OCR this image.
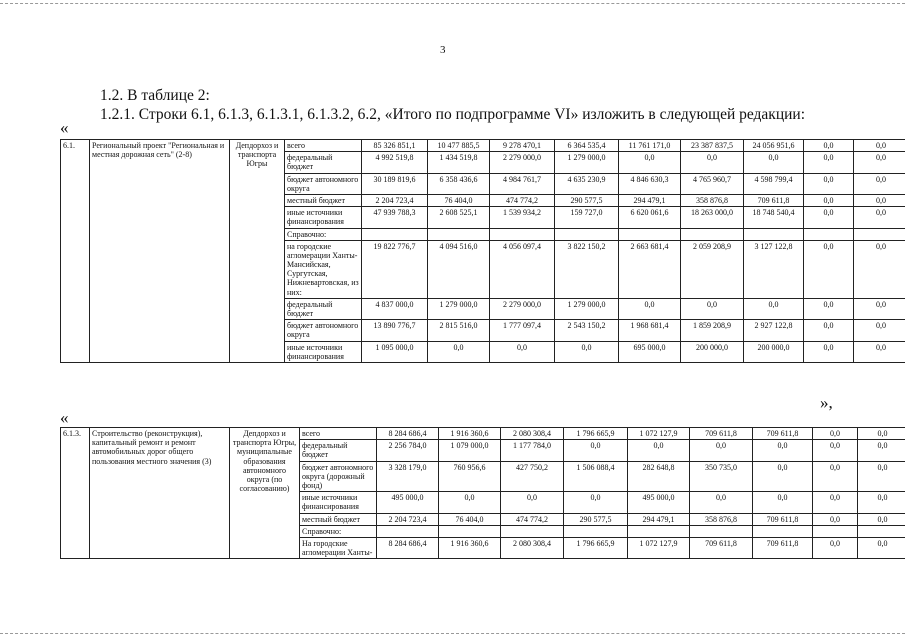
3
1.2. В таблице 2:
1.2.1. Строки 6.1, 6.1.3, 6.1.3.1, 6.1.3.2, 6.2, «Итого по подпрограмме VI» изложить в следующей редакции:
«
6.1.	Региональный проект "Региональная и местная дорожная сеть" (2-8)	Депдорхоз и транспорта Югры	всего	85 326 851,1	10 477 885,5	9 278 470,1	6 364 535,4	11 761 171,0	23 387 837,5	24 056 951,6	0,0	0,0
			федеральный бюджет	4 992 519,8	1 434 519,8	2 279 000,0	1 279 000,0	0,0	0,0	0,0	0,0	0,0
			бюджет автономного округа	30 189 819,6	6 358 436,6	4 984 761,7	4 635 230,9	4 846 630,3	4 765 960,7	4 598 799,4	0,0	0,0
			местный бюджет	2 204 723,4	76 404,0	474 774,2	290 577,5	294 479,1	358 876,8	709 611,8	0,0	0,0
			иные источники финансирования	47 939 788,3	2 608 525,1	1 539 934,2	159 727,0	6 620 061,6	18 263 000,0	18 748 540,4	0,0	0,0
			Справочно:									
			на городские агломерации Ханты-Мансийская, Сургутская, Нижневартовская, из них:	19 822 776,7	4 094 516,0	4 056 097,4	3 822 150,2	2 663 681,4	2 059 208,9	3 127 122,8	0,0	0,0
			федеральный бюджет	4 837 000,0	1 279 000,0	2 279 000,0	1 279 000,0	0,0	0,0	0,0	0,0	0,0
			бюджет автономного округа	13 890 776,7	2 815 516,0	1 777 097,4	2 543 150,2	1 968 681,4	1 859 208,9	2 927 122,8	0,0	0,0
			иные источники финансирования	1 095 000,0	0,0	0,0	0,0	695 000,0	200 000,0	200 000,0	0,0	0,0
»,
«
6.1.3.	Строительство (реконструкция), капитальный ремонт и ремонт автомобильных дорог общего пользования местного значения (3)	Депдорхоз и транспорта Югры, муниципальные образования автономного округа (по согласованию)	всего	8 284 686,4	1 916 360,6	2 080 308,4	1 796 665,9	1 072 127,9	709 611,8	709 611,8	0,0	0,0
			федеральный бюджет	2 256 784,0	1 079 000,0	1 177 784,0	0,0	0,0	0,0	0,0	0,0	0,0
			бюджет автономного округа (дорожный фонд)	3 328 179,0	760 956,6	427 750,2	1 506 088,4	282 648,8	350 735,0	0,0	0,0	0,0
			иные источники финансирования	495 000,0	0,0	0,0	0,0	495 000,0	0,0	0,0	0,0	0,0
			местный бюджет	2 204 723,4	76 404,0	474 774,2	290 577,5	294 479,1	358 876,8	709 611,8	0,0	0,0
			Справочно:									
			На городские агломерации Ханты-	8 284 686,4	1 916 360,6	2 080 308,4	1 796 665,9	1 072 127,9	709 611,8	709 611,8	0,0	0,0
